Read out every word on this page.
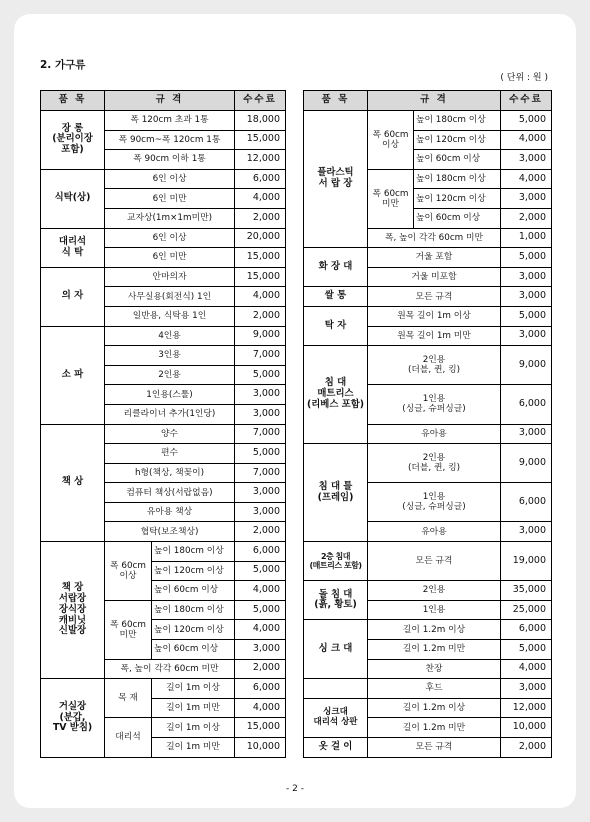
2. 가구류
( 단위 : 원 )
품 목	규 격		수수료
장 롱
(분리이장
포함)	폭 120cm 초과 1통		18,000
	폭 90cm~폭 120cm 1통		15,000
	폭 90cm 이하 1통		12,000
식탁(상)	6인 이상		6,000
	6인 미만		4,000
	교자상(1m×1m미만)		2,000
대리석
식 탁	6인 이상		20,000
	6인 미만		15,000
의 자	안마의자		15,000
	사무실용(회전식) 1인		4,000
	일반용, 식탁용 1인		2,000
소 파	4인용		9,000
	3인용		7,000
	2인용		5,000
	1인용(스툴)		3,000
	리클라이너 추가(1인당)		3,000
책 상	양수		7,000
	편수		5,000
	h형(책상, 책꽂이)		7,000
	컴퓨터 책상(서랍없음)		3,000
	유아용 책상		3,000
	협탁(보조책상)		2,000
책 장
서랍장
장식장
캐비닛
신발장	폭 60cm
이상	높이 180cm 이상	6,000
		높이 120cm 이상	5,000
		높이 60cm 이상	4,000
	폭 60cm
미만	높이 180cm 이상	5,000
		높이 120cm 이상	4,000
		높이 60cm 이상	3,000
	폭, 높이 각각 60cm 미만		2,000
거실장
(분갑,
TV 받침)	목 재	길이 1m 이상	6,000
		길이 1m 미만	4,000
	대리석	길이 1m 이상	15,000
		길이 1m 미만	10,000
품 목	규 격		수수료
플라스틱
서 랍 장	폭 60cm
이상	높이 180cm 이상	5,000
		높이 120cm 이상	4,000
		높이 60cm 이상	3,000
	폭 60cm
미만	높이 180cm 이상	4,000
		높이 120cm 이상	3,000
		높이 60cm 이상	2,000
	폭, 높이 각각 60cm 미만		1,000
화 장 대	거울 포함		5,000
	거울 미포함		3,000
쌀 통	모든 규격		3,000
탁 자	원목 길이 1m 이상		5,000
	원목 길이 1m 미만		3,000
침 대
매트리스
(리베스 포함)	2인용
(더블, 퀸, 킹)		9,000
	1인용
(싱글, 슈퍼싱글)		6,000
	유아용		3,000
침 대 틀
(프레임)	2인용
(더블, 퀸, 킹)		9,000
	1인용
(싱글, 슈퍼싱글)		6,000
	유아용		3,000
2층 침대
(매트리스 포함)	모든 규격		19,000
돌 침 대
(흙, 황토)	2인용		35,000
	1인용		25,000
싱 크 대	길이 1.2m 이상		6,000
	길이 1.2m 미만		5,000
	찬장		4,000
	후드		3,000
싱크대
대리석 상판	길이 1.2m 이상		12,000
	길이 1.2m 미만		10,000
옷 걸 이	모든 규격		2,000
- 2 -
